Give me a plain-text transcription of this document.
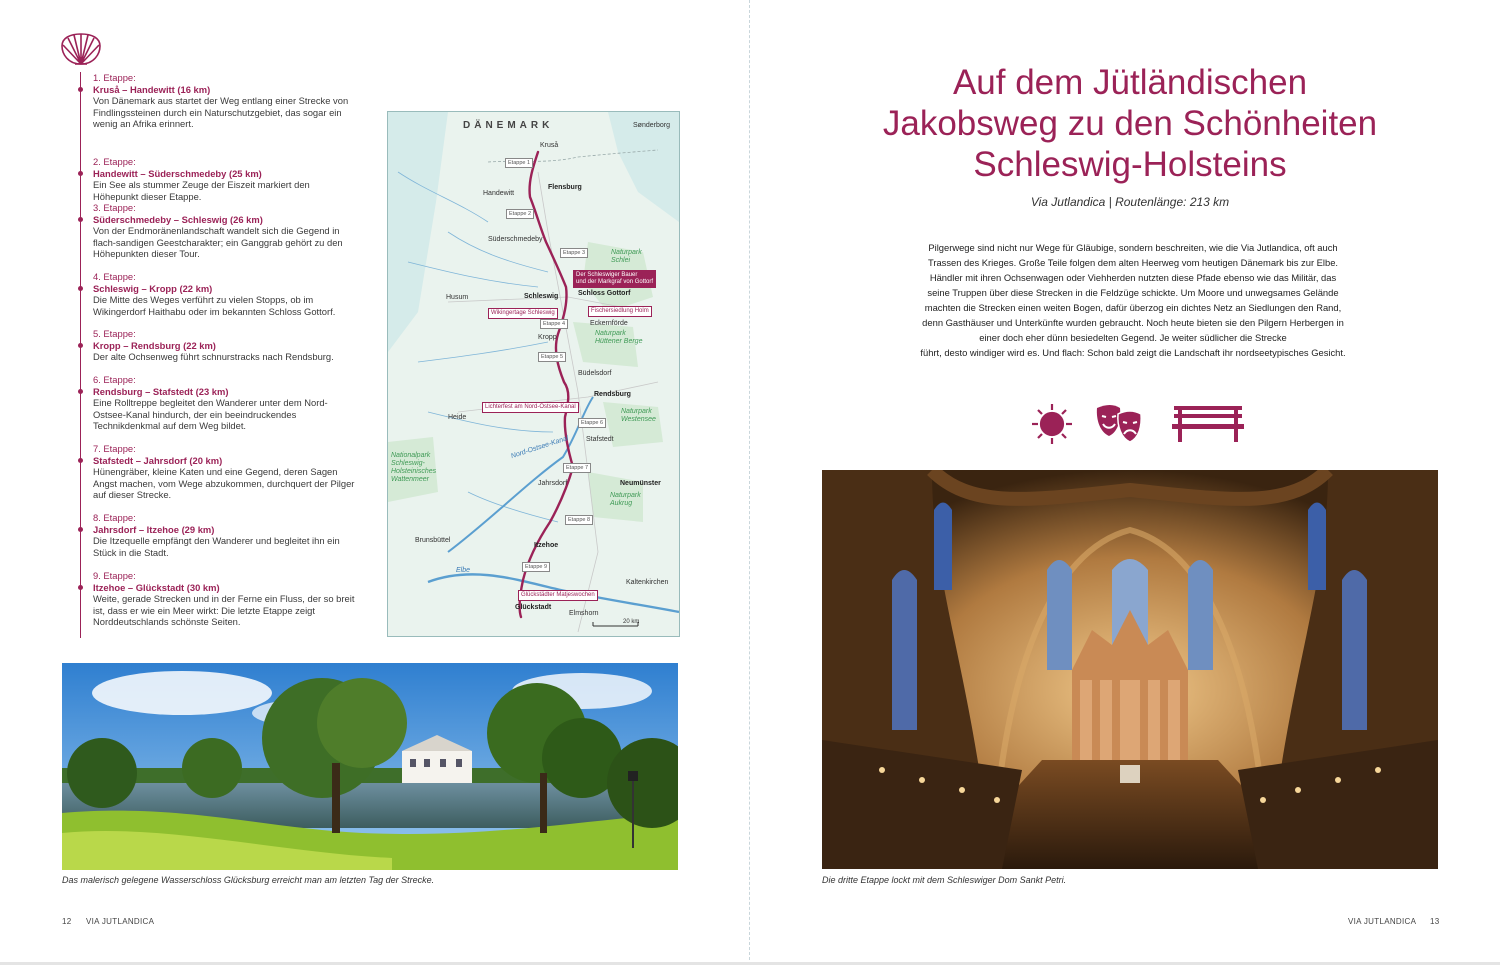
1. Etappe:
Kruså – Handewitt (16 km)
Von Dänemark aus startet der Weg entlang einer Strecke von Findlingssteinen durch ein Naturschutzgebiet, das sogar ein wenig an Afrika erinnert.
2. Etappe:
Handewitt – Süderschmedeby (25 km)
Ein See als stummer Zeuge der Eiszeit markiert den Höhepunkt dieser Etappe.
3. Etappe:
Süderschmedeby – Schleswig (26 km)
Von der Endmoränenlandschaft wandelt sich die Gegend in flach-sandigen Geestcharakter; ein Ganggrab gehört zu den Höhepunkten dieser Tour.
4. Etappe:
Schleswig – Kropp (22 km)
Die Mitte des Weges verführt zu vielen Stopps, ob im Wikingerdorf Haithabu oder im bekannten Schloss Gottorf.
5. Etappe:
Kropp – Rendsburg (22 km)
Der alte Ochsenweg führt schnurstracks nach Rendsburg.
6. Etappe:
Rendsburg – Stafstedt (23 km)
Eine Rolltreppe begleitet den Wanderer unter dem Nord-Ostsee-Kanal hindurch, der ein beeindruckendes Technikdenkmal auf dem Weg bildet.
7. Etappe:
Stafstedt – Jahrsdorf (20 km)
Hünengräber, kleine Katen und eine Gegend, deren Sagen Angst machen, vom Wege abzukommen, durchquert der Pilger auf dieser Strecke.
8. Etappe:
Jahrsdorf – Itzehoe (29 km)
Die Itzequelle empfängt den Wanderer und begleitet ihn ein Stück in die Stadt.
9. Etappe:
Itzehoe – Glückstadt (30 km)
Weite, gerade Strecken und in der Ferne ein Fluss, der so breit ist, dass er wie ein Meer wirkt: Die letzte Etappe zeigt Norddeutschlands schönste Seiten.
DÄNEMARK	Sønderborg
Kruså
Flensburg
Handewitt
Süderschmedeby
Husum	Schleswig	Schloss Gottorf
Eckernförde
Kropp
Büdelsdorf
Rendsburg
Heide
Stafstedt
Jahrsdorf	Neumünster
Brunsbüttel
Itzehoe
Kaltenkirchen
Glückstadt
Elmshorn
Naturpark
Schlei
Naturpark
Hüttener Berge
Naturpark
Westensee
Naturpark
Aukrug
Nationalpark
Schleswig-
Holsteinisches
Wattenmeer
Nord-Ostsee-Kanal
Elbe
Der Schleswiger Bauer
und der Markgraf von Gottorf
Wikingertage Schleswig	Fischersiedlung Holm
Lichterfest am Nord-Ostsee-Kanal
Glückstädter Matjeswochen
Etappe 1
Etappe 2
Etappe 3
Etappe 4
Etappe 5
Etappe 6
Etappe 7
Etappe 8
Etappe 9
20 km
Das malerisch gelegene Wasserschloss Glücksburg erreicht man am letzten Tag der Strecke.
12 VIA JUTLANDICA
Auf dem Jütländischen
Jakobsweg zu den Schönheiten
Schleswig-Holsteins
Via Jutlandica | Routenlänge: 213 km
Pilgerwege sind nicht nur Wege für Gläubige, sondern beschreiten, wie die Via Jutlandica, oft auch
Trassen des Krieges. Große Teile folgen dem alten Heerweg vom heutigen Dänemark bis zur Elbe.
Händler mit ihren Ochsenwagen oder Viehherden nutzten diese Pfade ebenso wie das Militär, das
seine Truppen über diese Strecken in die Feldzüge schickte. Um Moore und unwegsames Gelände
machten die Strecken einen weiten Bogen, dafür überzog ein dichtes Netz an Siedlungen den Rand,
denn Gasthäuser und Unterkünfte wurden gebraucht. Noch heute bieten sie den Pilgern Herbergen in
einer doch eher dünn besiedelten Gegend. Je weiter südlicher die Strecke
führt, desto windiger wird es. Und flach: Schon bald zeigt die Landschaft ihr nordseetypisches Gesicht.
Die dritte Etappe lockt mit dem Schleswiger Dom Sankt Petri.
VIA JUTLANDICA 13
